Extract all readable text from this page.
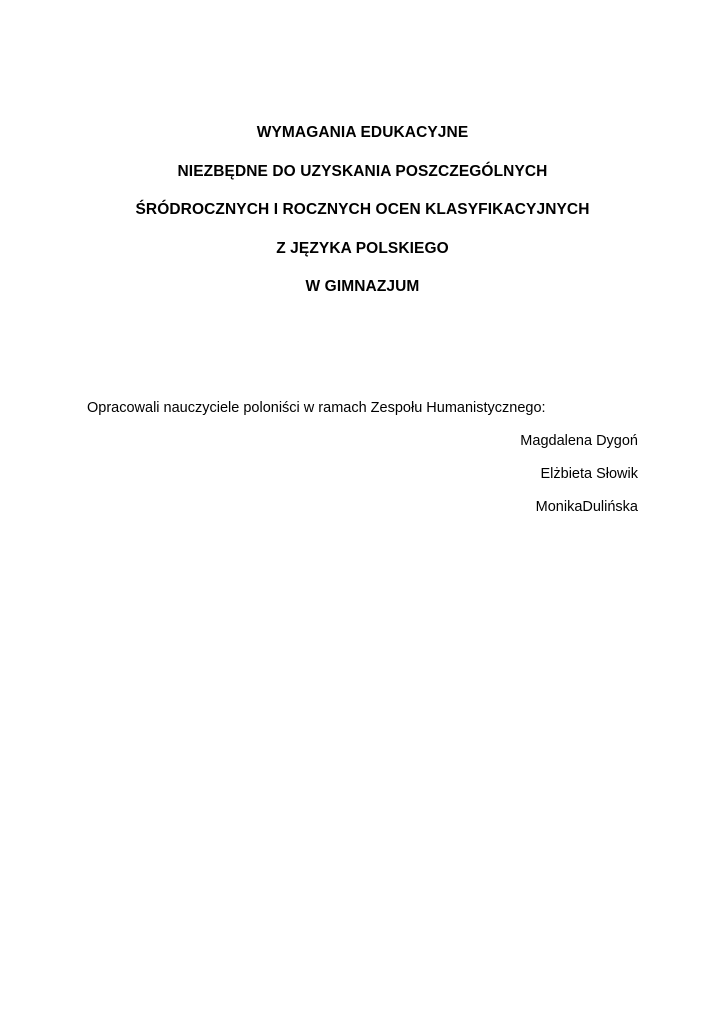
WYMAGANIA EDUKACYJNE
NIEZBĘDNE DO UZYSKANIA POSZCZEGÓLNYCH
ŚRÓDROCZNYCH I ROCZNYCH OCEN KLASYFIKACYJNYCH
Z JĘZYKA POLSKIEGO
W GIMNAZJUM
Opracowali nauczyciele poloniści w ramach Zespołu Humanistycznego:
Magdalena Dygoń
Elżbieta Słowik
MonikaDulińska
